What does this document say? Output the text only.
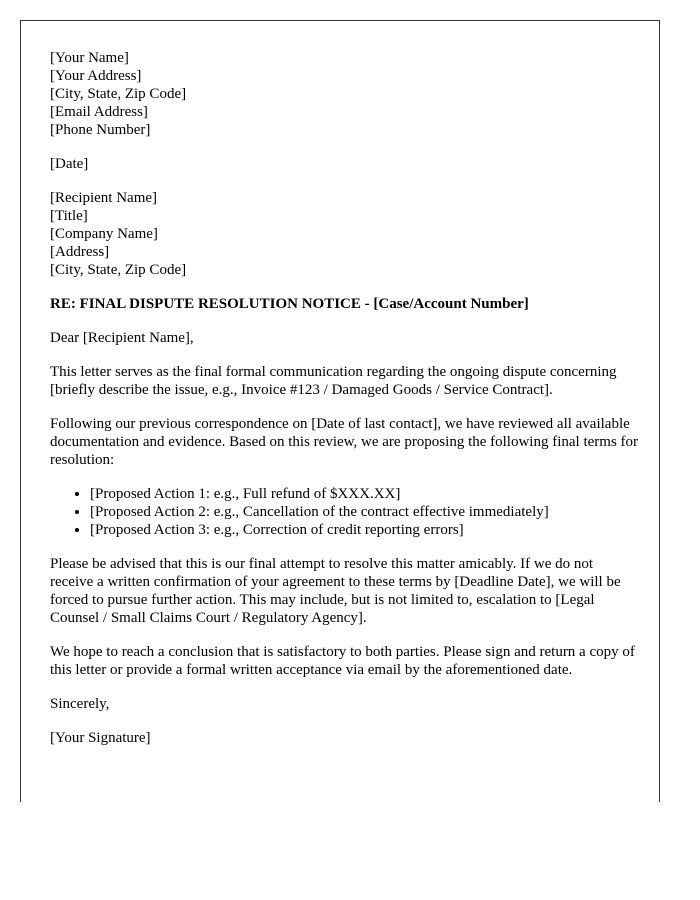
[Your Name]
[Your Address]
[City, State, Zip Code]
[Email Address]
[Phone Number]
[Date]
[Recipient Name]
[Title]
[Company Name]
[Address]
[City, State, Zip Code]
RE: FINAL DISPUTE RESOLUTION NOTICE - [Case/Account Number]

Dear [Recipient Name],

This letter serves as the final formal communication regarding the ongoing dispute concerning [briefly describe the issue, e.g., Invoice #123 / Damaged Goods / Service Contract].

Following our previous correspondence on [Date of last contact], we have reviewed all available documentation and evidence. Based on this review, we are proposing the following final terms for resolution:

• [Proposed Action 1: e.g., Full refund of $XXX.XX]
• [Proposed Action 2: e.g., Cancellation of the contract effective immediately]
• [Proposed Action 3: e.g., Correction of credit reporting errors]

Please be advised that this is our final attempt to resolve this matter amicably. If we do not receive a written confirmation of your agreement to these terms by [Deadline Date], we will be forced to pursue further action. This may include, but is not limited to, escalation to [Legal Counsel / Small Claims Court / Regulatory Agency].

We hope to reach a conclusion that is satisfactory to both parties. Please sign and return a copy of this letter or provide a formal written acceptance via email by the aforementioned date.

Sincerely,

[Your Signature]
